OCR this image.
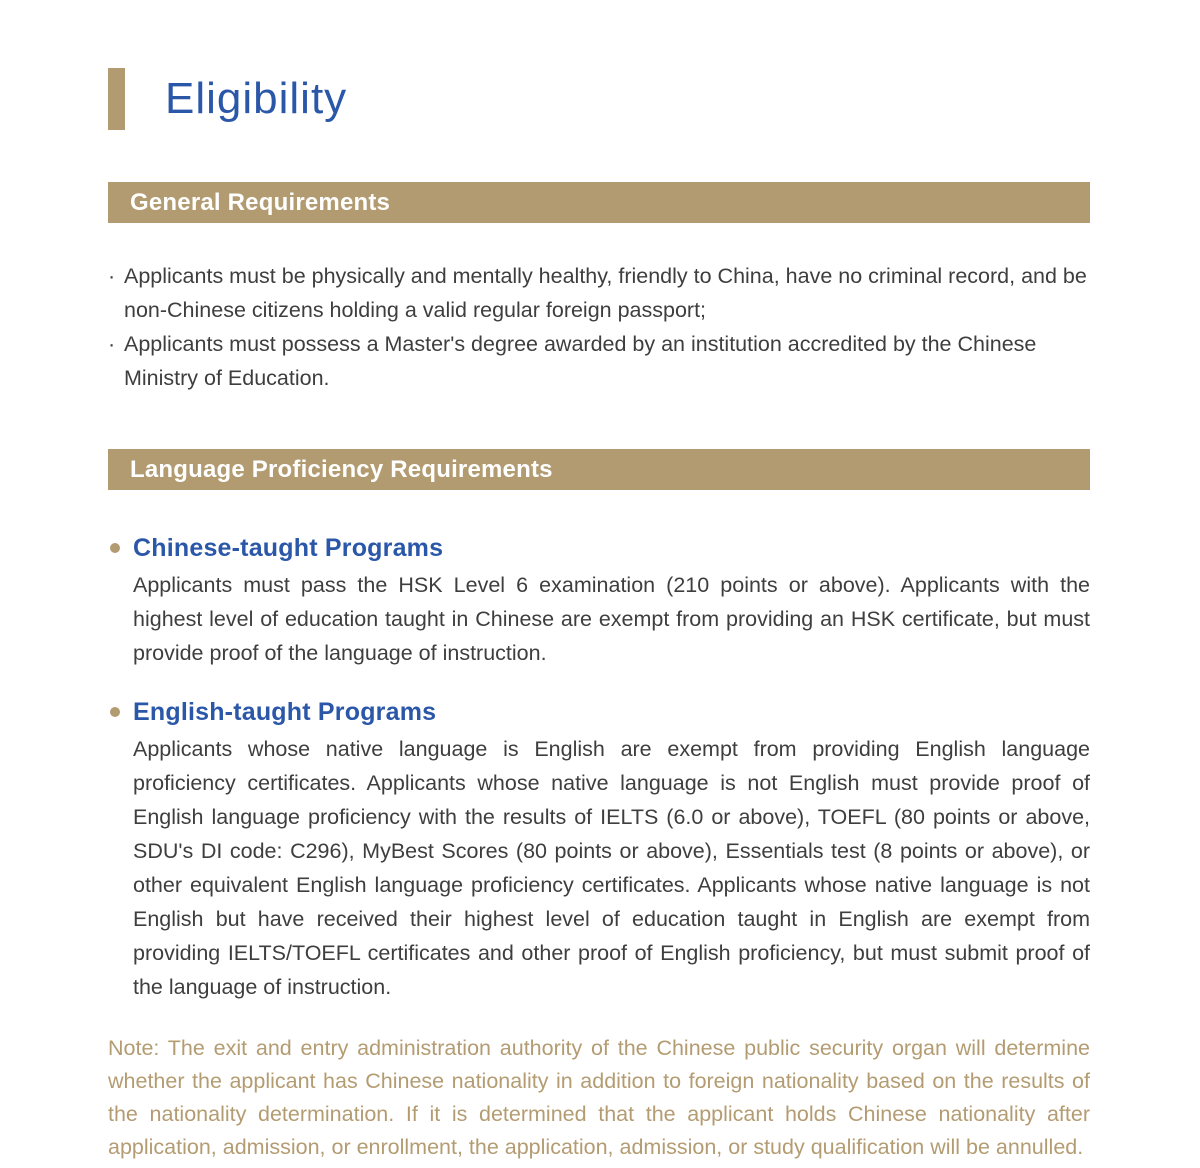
Eligibility
General Requirements
· Applicants must be physically and mentally healthy, friendly to China, have no criminal record, and be non-Chinese citizens holding a valid regular foreign passport;
· Applicants must possess a Master's degree awarded by an institution accredited by the Chinese Ministry of Education.
Language Proficiency Requirements
Chinese-taught Programs
Applicants must pass the HSK Level 6 examination (210 points or above). Applicants with the highest level of education taught in Chinese are exempt from providing an HSK certificate, but must provide proof of the language of instruction.
English-taught Programs
Applicants whose native language is English are exempt from providing English language proficiency certificates. Applicants whose native language is not English must provide proof of English language proficiency with the results of IELTS (6.0 or above), TOEFL (80 points or above, SDU's DI code: C296), MyBest Scores (80 points or above), Essentials test (8 points or above), or other equivalent English language proficiency certificates. Applicants whose native language is not English but have received their highest level of education taught in English are exempt from providing IELTS/TOEFL certificates and other proof of English proficiency, but must submit proof of the language of instruction.
Note: The exit and entry administration authority of the Chinese public security organ will determine whether the applicant has Chinese nationality in addition to foreign nationality based on the results of the nationality determination. If it is determined that the applicant holds Chinese nationality after application, admission, or enrollment, the application, admission, or study qualification will be annulled.
